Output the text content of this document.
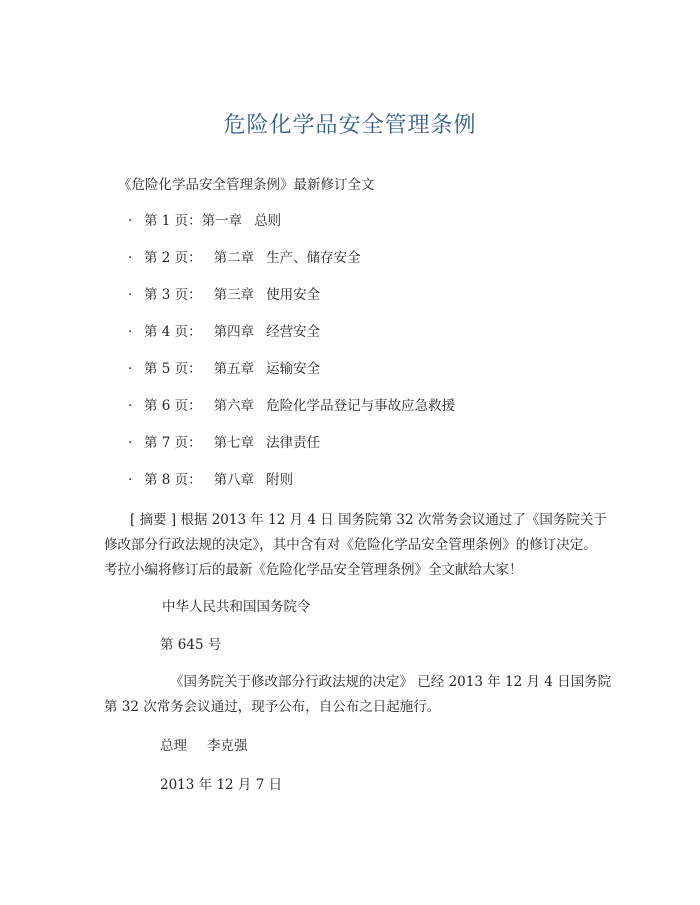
危险化学品安全管理条例
《危险化学品安全管理条例》最新修订全文
· 第 1 页：第一章 总则
· 第 2 页： 第二章 生产、储存安全
· 第 3 页： 第三章 使用安全
· 第 4 页： 第四章 经营安全
· 第 5 页： 第五章 运输安全
· 第 6 页： 第六章 危险化学品登记与事故应急救援
· 第 7 页： 第七章 法律责任
· 第 8 页： 第八章 附则

[ 摘要 ] 根据 2013 年 12 月 4 日 国务院第 32 次常务会议通过了《国务院关于

修改部分行政法规的决定》，其中含有对《危险化学品安全管理条例》的修订决定。

考拉小编将修订后的最新《危险化学品安全管理条例》全文献给大家！

中华人民共和国国务院令
第 645 号
《国务院关于修改部分行政法规的决定》 已经 2013 年 12 月 4 日国务院
第 32 次常务会议通过，现予公布，自公布之日起施行。
总理 李克强
2013 年 12 月 7 日
